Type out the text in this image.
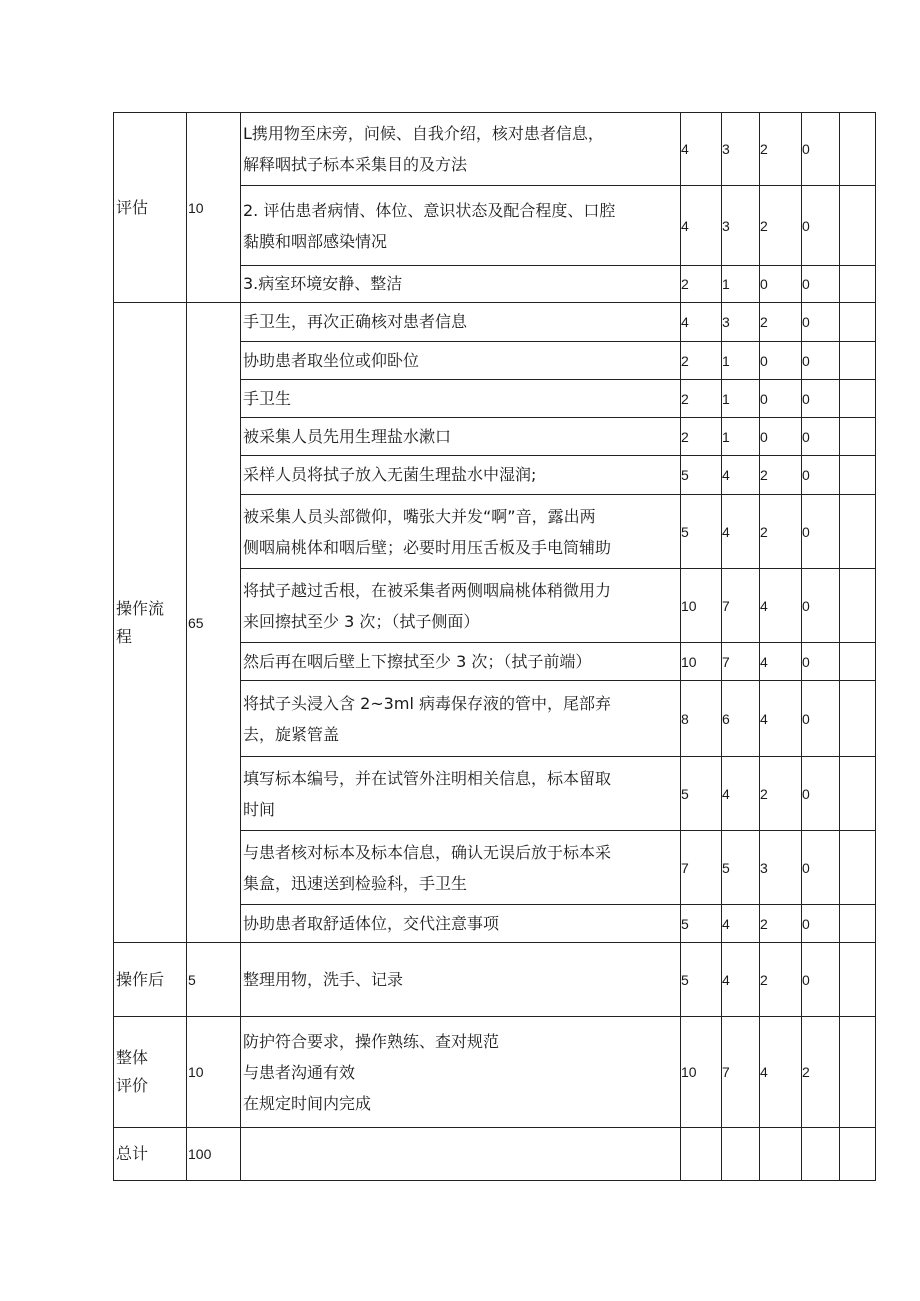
评估	10	L携用物至床旁，问候、自我介绍，核对患者信息，
解释咽拭子标本采集目的及方法	4	3	2	0	

		2. 评估患者病情、体位、意识状态及配合程度、口腔
黏膜和咽部感染情况	4	3	2	0	

		3.病室环境安静、整洁	2	1	0	0	

操作流
程	65	手卫生，再次正确核对患者信息	4	3	2	0	

		协助患者取坐位或仰卧位	2	1	0	0	

		手卫生	2	1	0	0	

		被采集人员先用生理盐水漱口	2	1	0	0	

		采样人员将拭子放入无菌生理盐水中湿润;	5	4	2	0	

		被采集人员头部微仰，嘴张大并发“啊”音，露出两
侧咽扁桃体和咽后壁；必要时用压舌板及手电筒辅助	5	4	2	0	

		将拭子越过舌根，在被采集者两侧咽扁桃体稍微用力
来回擦拭至少 3 次；（拭子侧面）	10	7	4	0	

		然后再在咽后壁上下擦拭至少 3 次；（拭子前端）	10	7	4	0	

		将拭子头浸入含 2~3ml 病毒保存液的管中，尾部弃
去，旋紧管盖	8	6	4	0	

		填写标本编号，并在试管外注明相关信息，标本留取
时间	5	4	2	0	

		与患者核对标本及标本信息，确认无误后放于标本采
集盒，迅速送到检验科，手卫生	7	5	3	0	

		协助患者取舒适体位，交代注意事项	5	4	2	0	

操作后	5	整理用物，洗手、记录	5	4	2	0	

整体
评价	10	防护符合要求，操作熟练、查对规范
与患者沟通有效
在规定时间内完成	10	7	4	2	

总计	100						
